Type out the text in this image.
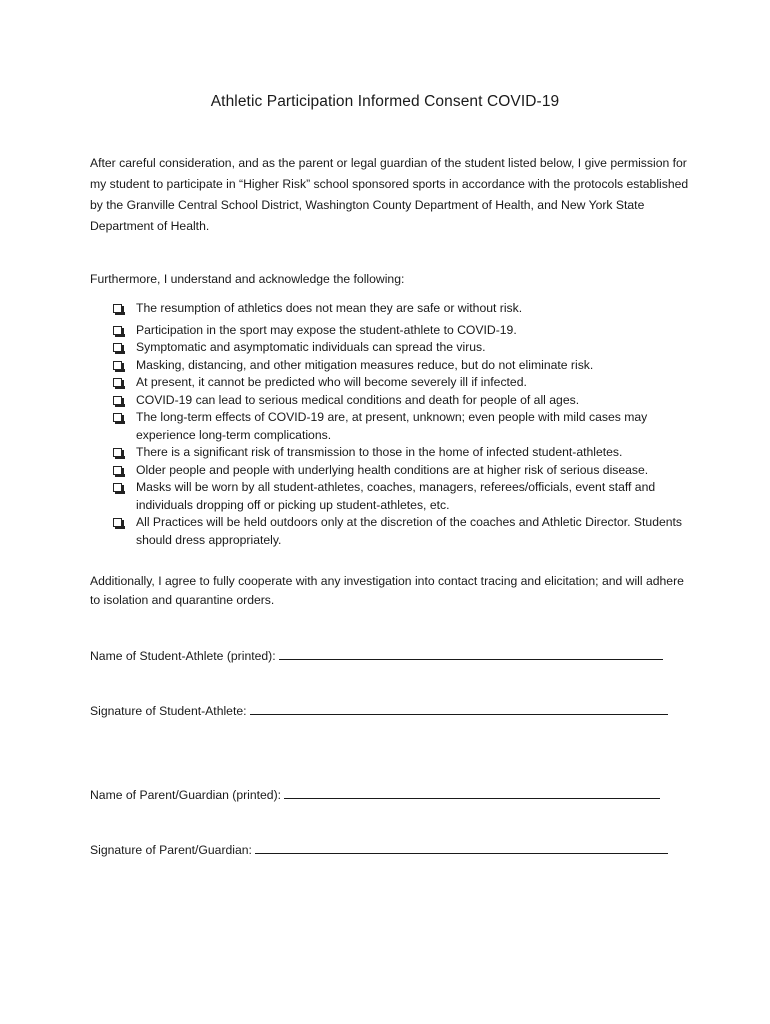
Athletic Participation Informed Consent COVID-19
After careful consideration, and as the parent or legal guardian of the student listed below, I give permission for my student to participate in “Higher Risk” school sponsored sports in accordance with the protocols established by the Granville Central School District, Washington County Department of Health, and New York State Department of Health.
Furthermore, I understand and acknowledge the following:
The resumption of athletics does not mean they are safe or without risk.
Participation in the sport may expose the student-athlete to COVID-19.
Symptomatic and asymptomatic individuals can spread the virus.
Masking, distancing, and other mitigation measures reduce, but do not eliminate risk.
At present, it cannot be predicted who will become severely ill if infected.
COVID-19 can lead to serious medical conditions and death for people of all ages.
The long-term effects of COVID-19 are, at present, unknown; even people with mild cases may experience long-term complications.
There is a significant risk of transmission to those in the home of infected student-athletes.
Older people and people with underlying health conditions are at higher risk of serious disease.
Masks will be worn by all student-athletes, coaches, managers, referees/officials, event staff and individuals dropping off or picking up student-athletes, etc.
All Practices will be held outdoors only at the discretion of the coaches and Athletic Director. Students should dress appropriately.
Additionally, I agree to fully cooperate with any investigation into contact tracing and elicitation; and will adhere to isolation and quarantine orders.
Name of Student-Athlete (printed):
Signature of Student-Athlete:
Name of Parent/Guardian (printed):
Signature of Parent/Guardian:
